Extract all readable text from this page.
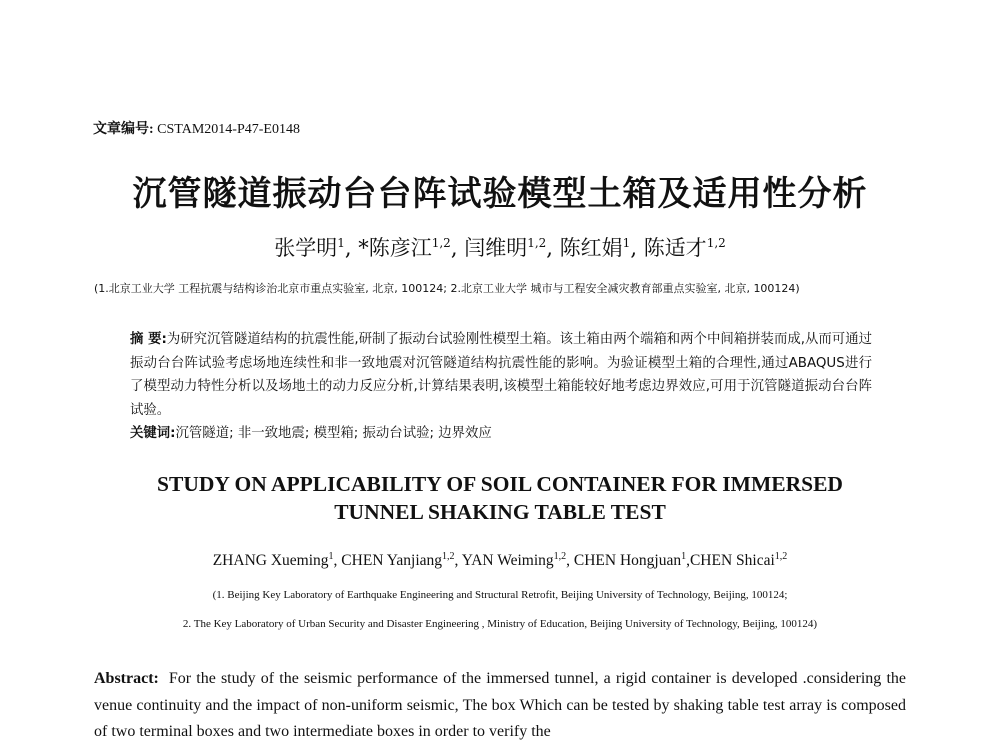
文章编号: CSTAM2014-P47-E0148
沉管隧道振动台台阵试验模型土箱及适用性分析
张学明$^1$, *陈彦江$^{1,2}$, 闫维明$^{1,2}$, 陈红娟$^1$, 陈适才$^{1,2}$
(1.北京工业大学 工程抗震与结构诊治北京市重点实验室, 北京, 100124; 2.北京工业大学 城市与工程安全减灾教育部重点实验室, 北京, 100124)

摘 要:为研究沉管隧道结构的抗震性能,研制了振动台试验刚性模型土箱。该土箱由两个端箱和两个中间箱拼装而成,从而可通过振动台台阵试验考虑场地连续性和非一致地震对沉管隧道结构抗震性能的影响。为验证模型土箱的合理性,通过ABAQUS进行了模型动力特性分析以及场地土的动力反应分析,计算结果表明,该模型土箱能较好地考虑边界效应,可用于沉管隧道振动台台阵试验。

关键词:沉管隧道; 非一致地震; 模型箱; 振动台试验; 边界效应

STUDY ON APPLICABILITY OF SOIL CONTAINER FOR IMMERSED
TUNNEL SHAKING TABLE TEST
ZHANG Xueming$^1$, CHEN Yanjiang$^{1,2}$, YAN Weiming$^{1,2}$, CHEN Hongjuan$^1$,CHEN Shicai$^{1,2}$
(1. Beijing Key Laboratory of Earthquake Engineering and Structural Retrofit, Beijing University of Technology, Beijing, 100124;
2. The Key Laboratory of Urban Security and Disaster Engineering , Ministry of Education, Beijing University of Technology, Beijing, 100124)
Abstract: For the study of the seismic performance of the immersed tunnel, a rigid container is developed .considering the venue continuity and the impact of non-uniform seismic, The box Which can be tested by shaking table test array is composed of two terminal boxes and two intermediate boxes in order to verify the
